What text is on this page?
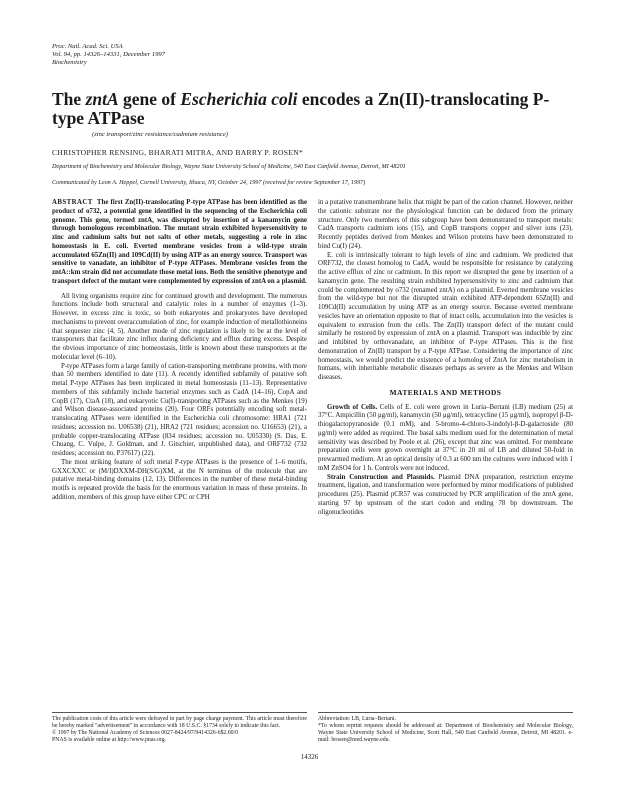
Proc. Natl. Acad. Sci. USA
Vol. 94, pp. 14326–14331, December 1997
Biochemistry
The zntA gene of Escherichia coli encodes a Zn(II)-translocating P-type ATPase
(zinc transport/zinc resistance/cadmium resistance)
CHRISTOPHER RENSING, BHARATI MITRA, AND BARRY P. ROSEN*
Department of Biochemistry and Molecular Biology, Wayne State University School of Medicine, 540 East Canfield Avenue, Detroit, MI 48201
Communicated by Leon A. Heppel, Cornell University, Ithaca, NY, October 24, 1997 (received for review September 17, 1997)

ABSTRACT The first Zn(II)-translocating P-type ATPase has been identified as the product of o732, a potential gene identified in the sequencing of the Escherichia coli genome. This gene, termed zntA, was disrupted by insertion of a kanamycin gene through homologous recombination. The mutant strain exhibited hypersensitivity to zinc and cadmium salts but not salts of other metals, suggesting a role in zinc homeostasis in E. coli. Everted membrane vesicles from a wild-type strain accumulated 65Zn(II) and 109Cd(II) by using ATP as an energy source. Transport was sensitive to vanadate, an inhibitor of P-type ATPases. Membrane vesicles from the zntA::km strain did not accumulate those metal ions. Both the sensitive phenotype and transport defect of the mutant were complemented by expression of zntA on a plasmid.

All living organisms require zinc for continued growth and development. The numerous functions include both structural and catalytic roles in a number of enzymes (1–3). However, in excess zinc is toxic, so both eukaryotes and prokaryotes have developed mechanisms to prevent overaccumulation of zinc, for example induction of metallothioneins that sequester zinc (4, 5). Another mode of zinc regulation is likely to be at the level of transporters that facilitate zinc influx during deficiency and efflux during excess. Despite the obvious importance of zinc homeostasis, little is known about these transporters at the molecular level (6–10).

P-type ATPases form a large family of cation-transporting membrane proteins, with more than 50 members identified to date (11). A recently identified subfamily of putative soft metal P-type ATPases has been implicated in metal homeostasis (11–13). Representative members of this subfamily include bacterial enzymes such as CadA (14–16), CopA and CopB (17), CtaA (18), and eukaryotic Cu(I)-transporting ATPases such as the Menkes (19) and Wilson disease-associated proteins (20). Four ORFs potentially encoding soft metal-translocating ATPases were identified in the Escherichia coli chromosome: HRA1 (721 residues; accession no. U06538) (21), HRA2 (721 residues; accession no. U16653) (21), a probable copper-translocating ATPase (834 residues; accession no. U05330) (S. Das, E. Chuang, C. Vulpe, J. Goldman, and J. Gitschier, unpublished data), and ORF732 (732 residues; accession no. P37617) (22).

The most striking feature of soft metal P-type ATPases is the presence of 1–6 motifs, GXXCXXC or (M/I)DXXM-DH(S/G)XM, at the N terminus of the molecule that are putative metal-binding domains (12, 13). Differences in the number of these metal-binding motifs is repeated provide the basis for the enormous variation in mass of these proteins. In addition, members of this group have either CPC or CPH

in a putative transmembrane helix that might be part of the cation channel. However, neither the cationic substrate nor the physiological function can be deduced from the primary structure. Only two members of this subgroup have been demonstrated to transport metals: CadA transports cadmium ions (15), and CopB transports copper and silver ions (23). Recently peptides derived from Menkes and Wilson proteins have been demonstrated to bind Cu(I) (24).

E. coli is intrinsically tolerant to high levels of zinc and cadmium. We predicted that ORF732, the closest homolog to CadA, would be responsible for resistance by catalyzing the active efflux of zinc or cadmium. In this report we disrupted the gene by insertion of a kanamycin gene. The resulting strain exhibited hypersensitivity to zinc and cadmium that could be complemented by o732 (renamed zntA) on a plasmid. Everted membrane vesicles from the wild-type but not the disrupted strain exhibited ATP-dependent 65Zn(II) and 109Cd(II) accumulation by using ATP as an energy source. Because everted membrane vesicles have an orientation opposite to that of intact cells, accumulation into the vesicles is equivalent to extrusion from the cells. The Zn(II) transport defect of the mutant could similarly be restored by expression of zntA on a plasmid. Transport was inducible by zinc and inhibited by orthovanadate, an inhibitor of P-type ATPases. This is the first demonstration of Zn(II) transport by a P-type ATPase. Considering the importance of zinc homeostasis, we would predict the existence of a homolog of ZntA for zinc metabolism in humans, with inheritable metabolic diseases perhaps as severe as the Menkes and Wilson diseases.

MATERIALS AND METHODS

Growth of Cells. Cells of E. coli were grown in Luria–Bertani (LB) medium (25) at 37°C. Ampicillin (50 μg/ml), kanamycin (50 μg/ml), tetracycline (15 μg/ml), isopropyl β-D-thiogalactopyranoside (0.1 mM), and 5-bromo-4-chloro-3-indolyl-β-D-galactoside (80 μg/ml) were added as required. The basal salts medium used for the determination of metal sensitivity was described by Poole et al. (26), except that zinc was omitted. For membrane preparation cells were grown overnight at 37°C in 20 ml of LB and diluted 50-fold in prewarmed medium. At an optical density of 0.3 at 600 nm the cultures were induced with 1 mM ZnSO4 for 1 h. Controls were not induced.

Strain Construction and Plasmids. Plasmid DNA preparation, restriction enzyme treatment, ligation, and transformation were performed by minor modifications of published procedures (25). Plasmid pCR57 was constructed by PCR amplification of the zntA gene, starting 97 bp upstream of the start codon and ending 78 bp downstream. The oligonucleotides

The publication costs of this article were defrayed in part by page charge payment. This article must therefore be hereby marked "advertisement" in accordance with 18 U.S.C. §1734 solely to indicate this fact.
© 1997 by The National Academy of Sciences 0027-8424/97/9414326-6$2.00/0
PNAS is available online at http://www.pnas.org.

Abbreviation: LB, Luria–Bertani.

*To whom reprint requests should be addressed at: Department of Biochemistry and Molecular Biology, Wayne State University School of Medicine, Scott Hall, 540 East Canfield Avenue, Detroit, MI 48201. e-mail: brosen@med.wayne.edu.

14326
